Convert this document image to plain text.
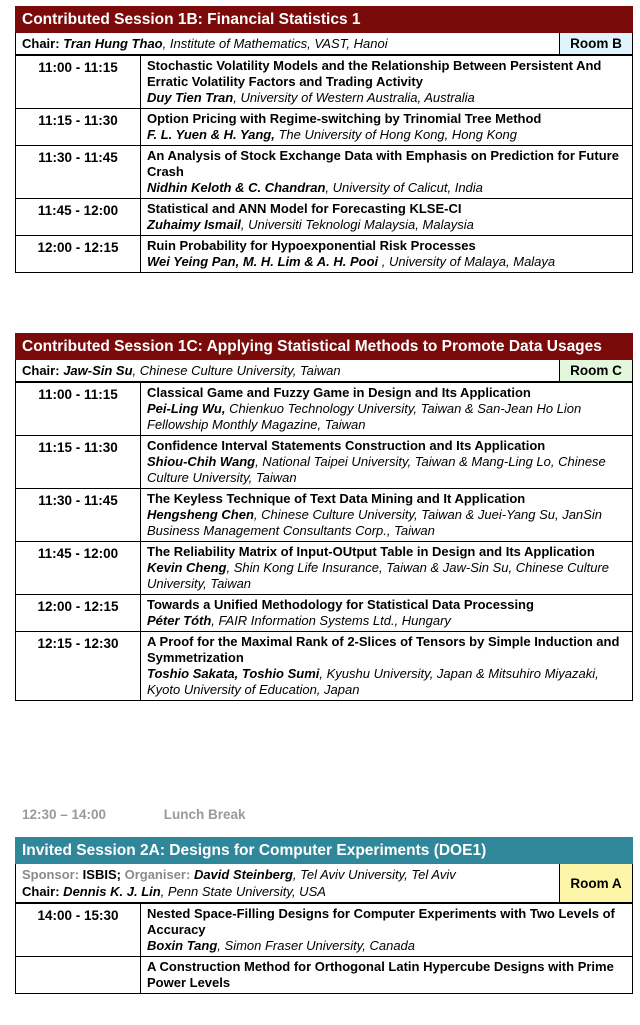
Contributed Session 1B: Financial Statistics 1
Chair: Tran Hung Thao, Institute of Mathematics, VAST, Hanoi	Room B
11:00 - 11:15	Stochastic Volatility Models and the Relationship Between Persistent And Erratic Volatility Factors and Trading Activity
Duy Tien Tran, University of Western Australia, Australia

11:15 - 11:30	Option Pricing with Regime-switching by Trinomial Tree Method
F. L. Yuen & H. Yang, The University of Hong Kong, Hong Kong

11:30 - 11:45	An Analysis of Stock Exchange Data with Emphasis on Prediction for Future Crash
Nidhin Keloth & C. Chandran, University of Calicut, India

11:45 - 12:00	Statistical and ANN Model for Forecasting KLSE-CI
Zuhaimy Ismail, Universiti Teknologi Malaysia, Malaysia

12:00 - 12:15	Ruin Probability for Hypoexponential Risk Processes
Wei Yeing Pan, M. H. Lim & A. H. Pooi , University of Malaya, Malaya
Contributed Session 1C: Applying Statistical Methods to Promote Data Usages
Chair: Jaw-Sin Su, Chinese Culture University, Taiwan	Room C
11:00 - 11:15	Classical Game and Fuzzy Game in Design and Its Application
Pei-Ling Wu, Chienkuo Technology University, Taiwan & San-Jean Ho Lion Fellowship Monthly Magazine, Taiwan

11:15 - 11:30	Confidence Interval Statements Construction and Its Application
Shiou-Chih Wang, National Taipei University, Taiwan & Mang-Ling Lo, Chinese Culture University, Taiwan

11:30 - 11:45	The Keyless Technique of Text Data Mining and It Application
Hengsheng Chen, Chinese Culture University, Taiwan & Juei-Yang Su, JanSin Business Management Consultants Corp., Taiwan

11:45 - 12:00	The Reliability Matrix of Input-OUtput Table in Design and Its Application
Kevin Cheng, Shin Kong Life Insurance, Taiwan & Jaw-Sin Su, Chinese Culture University, Taiwan

12:00 - 12:15	Towards a Unified Methodology for Statistical Data Processing
Péter Tóth, FAIR Information Systems Ltd., Hungary

12:15 - 12:30	A Proof for the Maximal Rank of 2-Slices of Tensors by Simple Induction and Symmetrization
Toshio Sakata, Toshio Sumi, Kyushu University, Japan & Mitsuhiro Miyazaki, Kyoto University of Education, Japan
12:30 – 14:00	Lunch Break
Invited Session 2A: Designs for Computer Experiments (DOE1)
Sponsor: ISBIS; Organiser: David Steinberg, Tel Aviv University, Tel Aviv
Chair: Dennis K. J. Lin, Penn State University, USA
Room A
14:00 - 15:30	Nested Space-Filling Designs for Computer Experiments with Two Levels of Accuracy
Boxin Tang, Simon Fraser University, Canada

	A Construction Method for Orthogonal Latin Hypercube Designs with Prime Power Levels
